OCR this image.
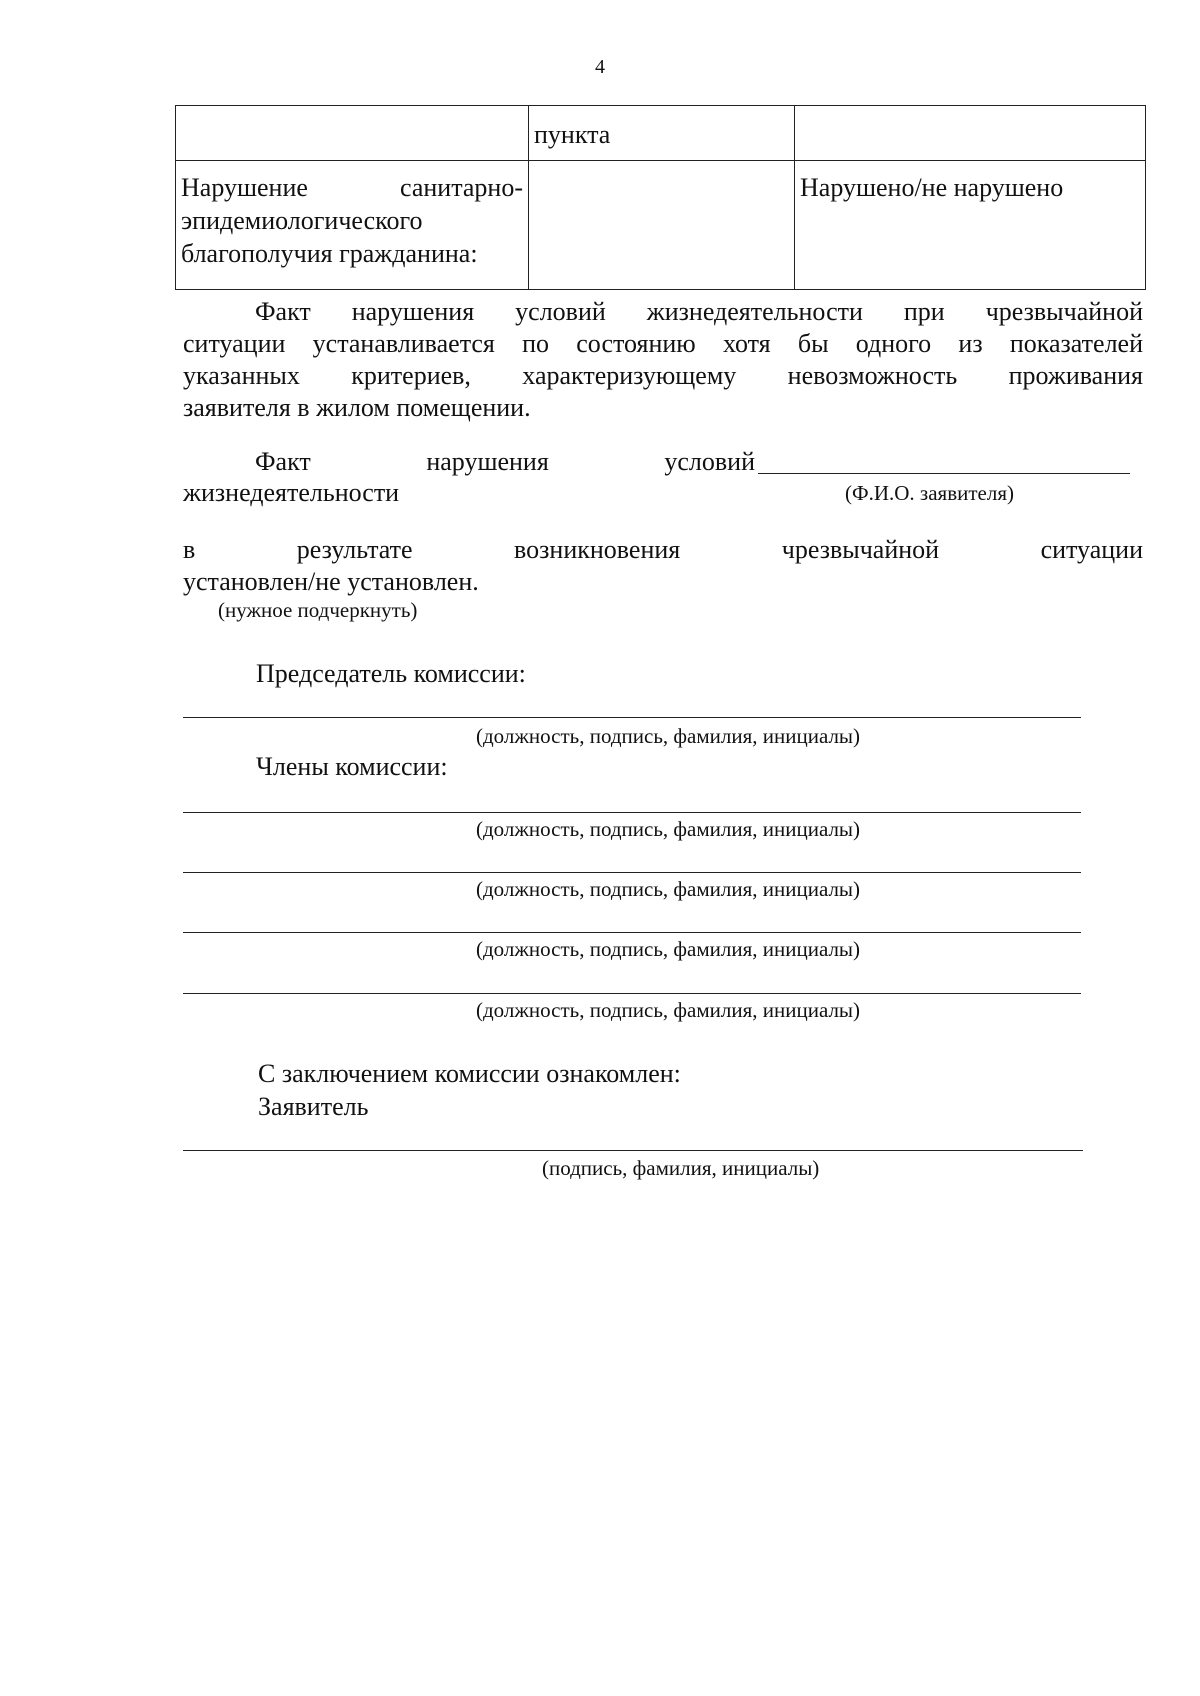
4
	пункта	

Нарушение санитарно-
эпидемиологического благополучия гражданина:		Нарушено/не нарушено
Факт нарушения условий жизнедеятельности при чрезвычайной
ситуации устанавливается по состоянию хотя бы одного из показателей
указанных критериев, характеризующему невозможность проживания
заявителя в жилом помещении.
Факт нарушения условий
жизнедеятельности	(Ф.И.О. заявителя)
в результате возникновения чрезвычайной ситуации
установлен/не установлен.
(нужное подчеркнуть)
Председатель комиссии:
(должность, подпись, фамилия, инициалы)
Члены комиссии:
(должность, подпись, фамилия, инициалы)
(должность, подпись, фамилия, инициалы)
(должность, подпись, фамилия, инициалы)
(должность, подпись, фамилия, инициалы)
С заключением комиссии ознакомлен:
Заявитель
(подпись, фамилия, инициалы)
